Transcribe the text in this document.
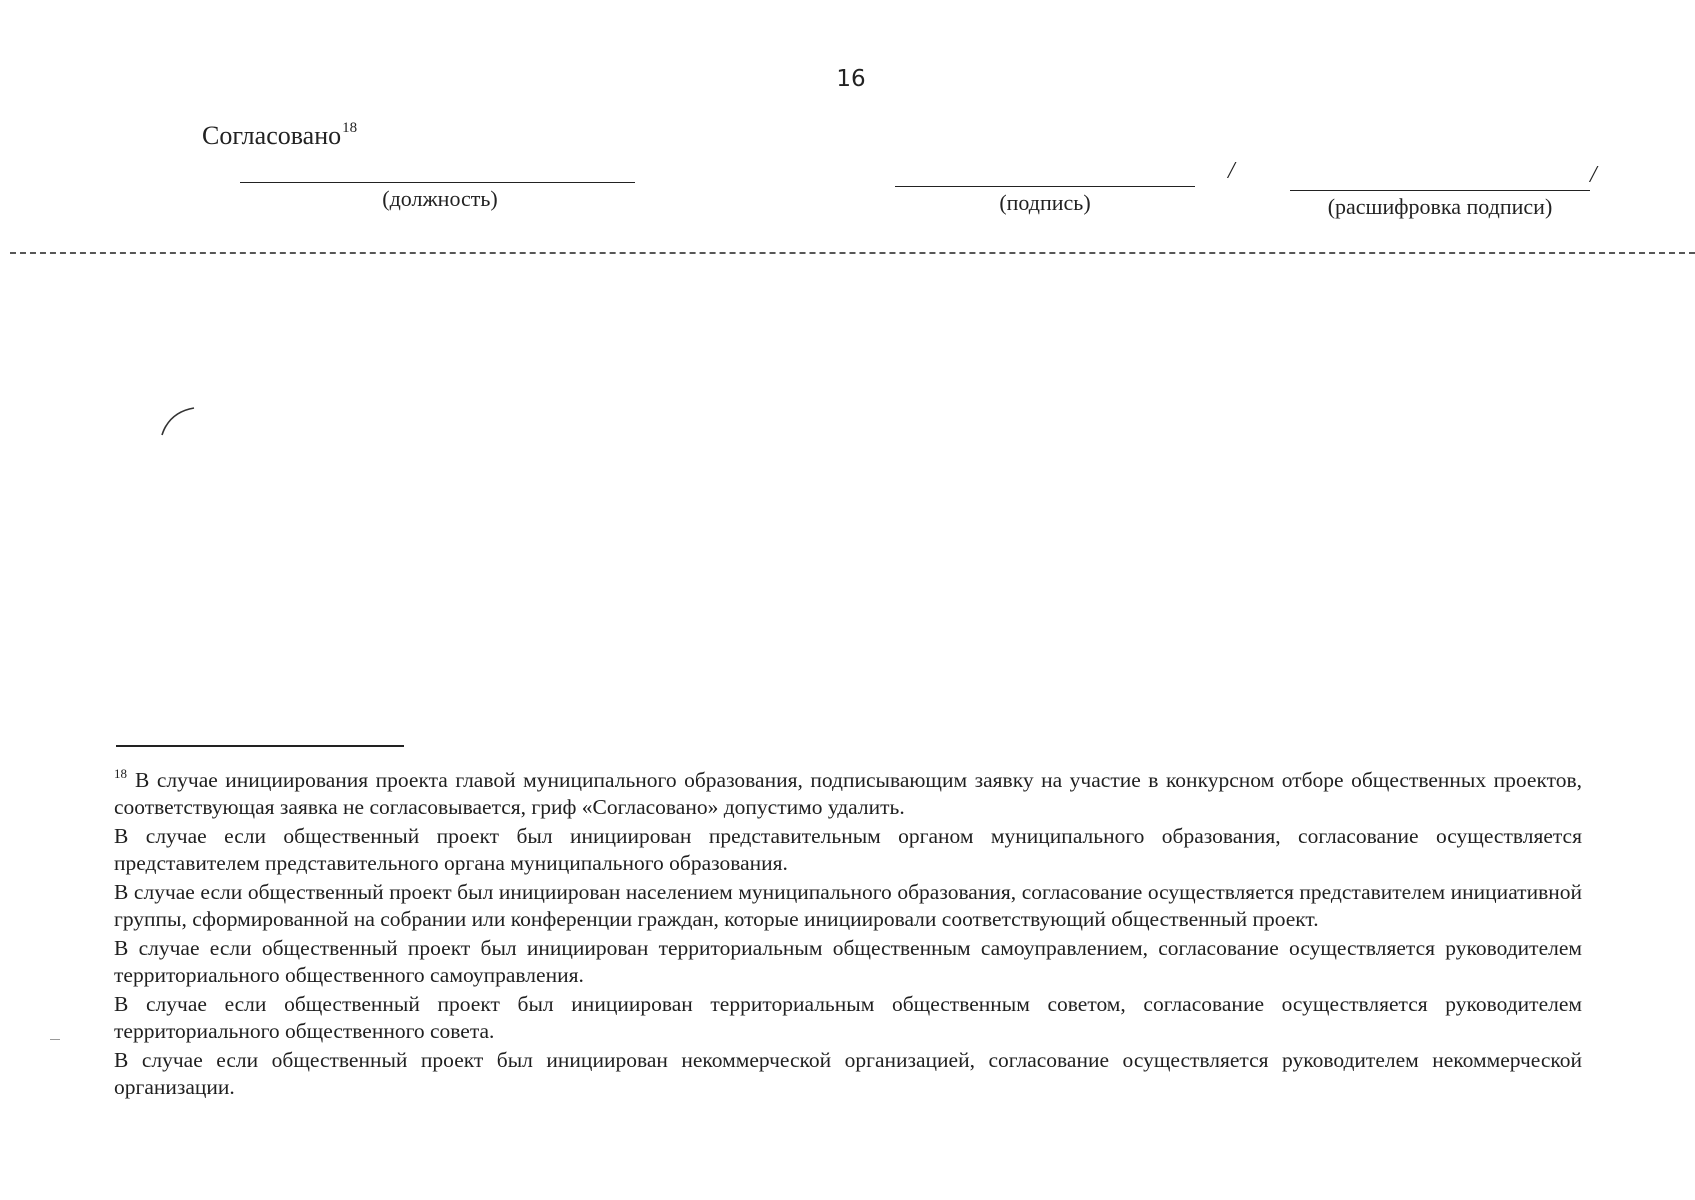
16
Согласовано$^{18}$
(должность)
/
(подпись)
/
(расшифровка подписи)

$^{18}$ В случае инициирования проекта главой муниципального образования, подписывающим заявку на участие в конкурсном отборе общественных проектов, соответствующая заявка не согласовывается, гриф «Согласовано» допустимо удалить.

В случае если общественный проект был инициирован представительным органом муниципального образования, согласование осуществляется представителем представительного органа муниципального образования.

В случае если общественный проект был инициирован населением муниципального образования, согласование осуществляется представителем инициативной группы, сформированной на собрании или конференции граждан, которые инициировали соответствующий общественный проект.

В случае если общественный проект был инициирован территориальным общественным самоуправлением, согласование осуществляется руководителем территориального общественного самоуправления.

В случае если общественный проект был инициирован территориальным общественным советом, согласование осуществляется руководителем территориального общественного совета.

В случае если общественный проект был инициирован некоммерческой организацией, согласование осуществляется руководителем некоммерческой организации.
